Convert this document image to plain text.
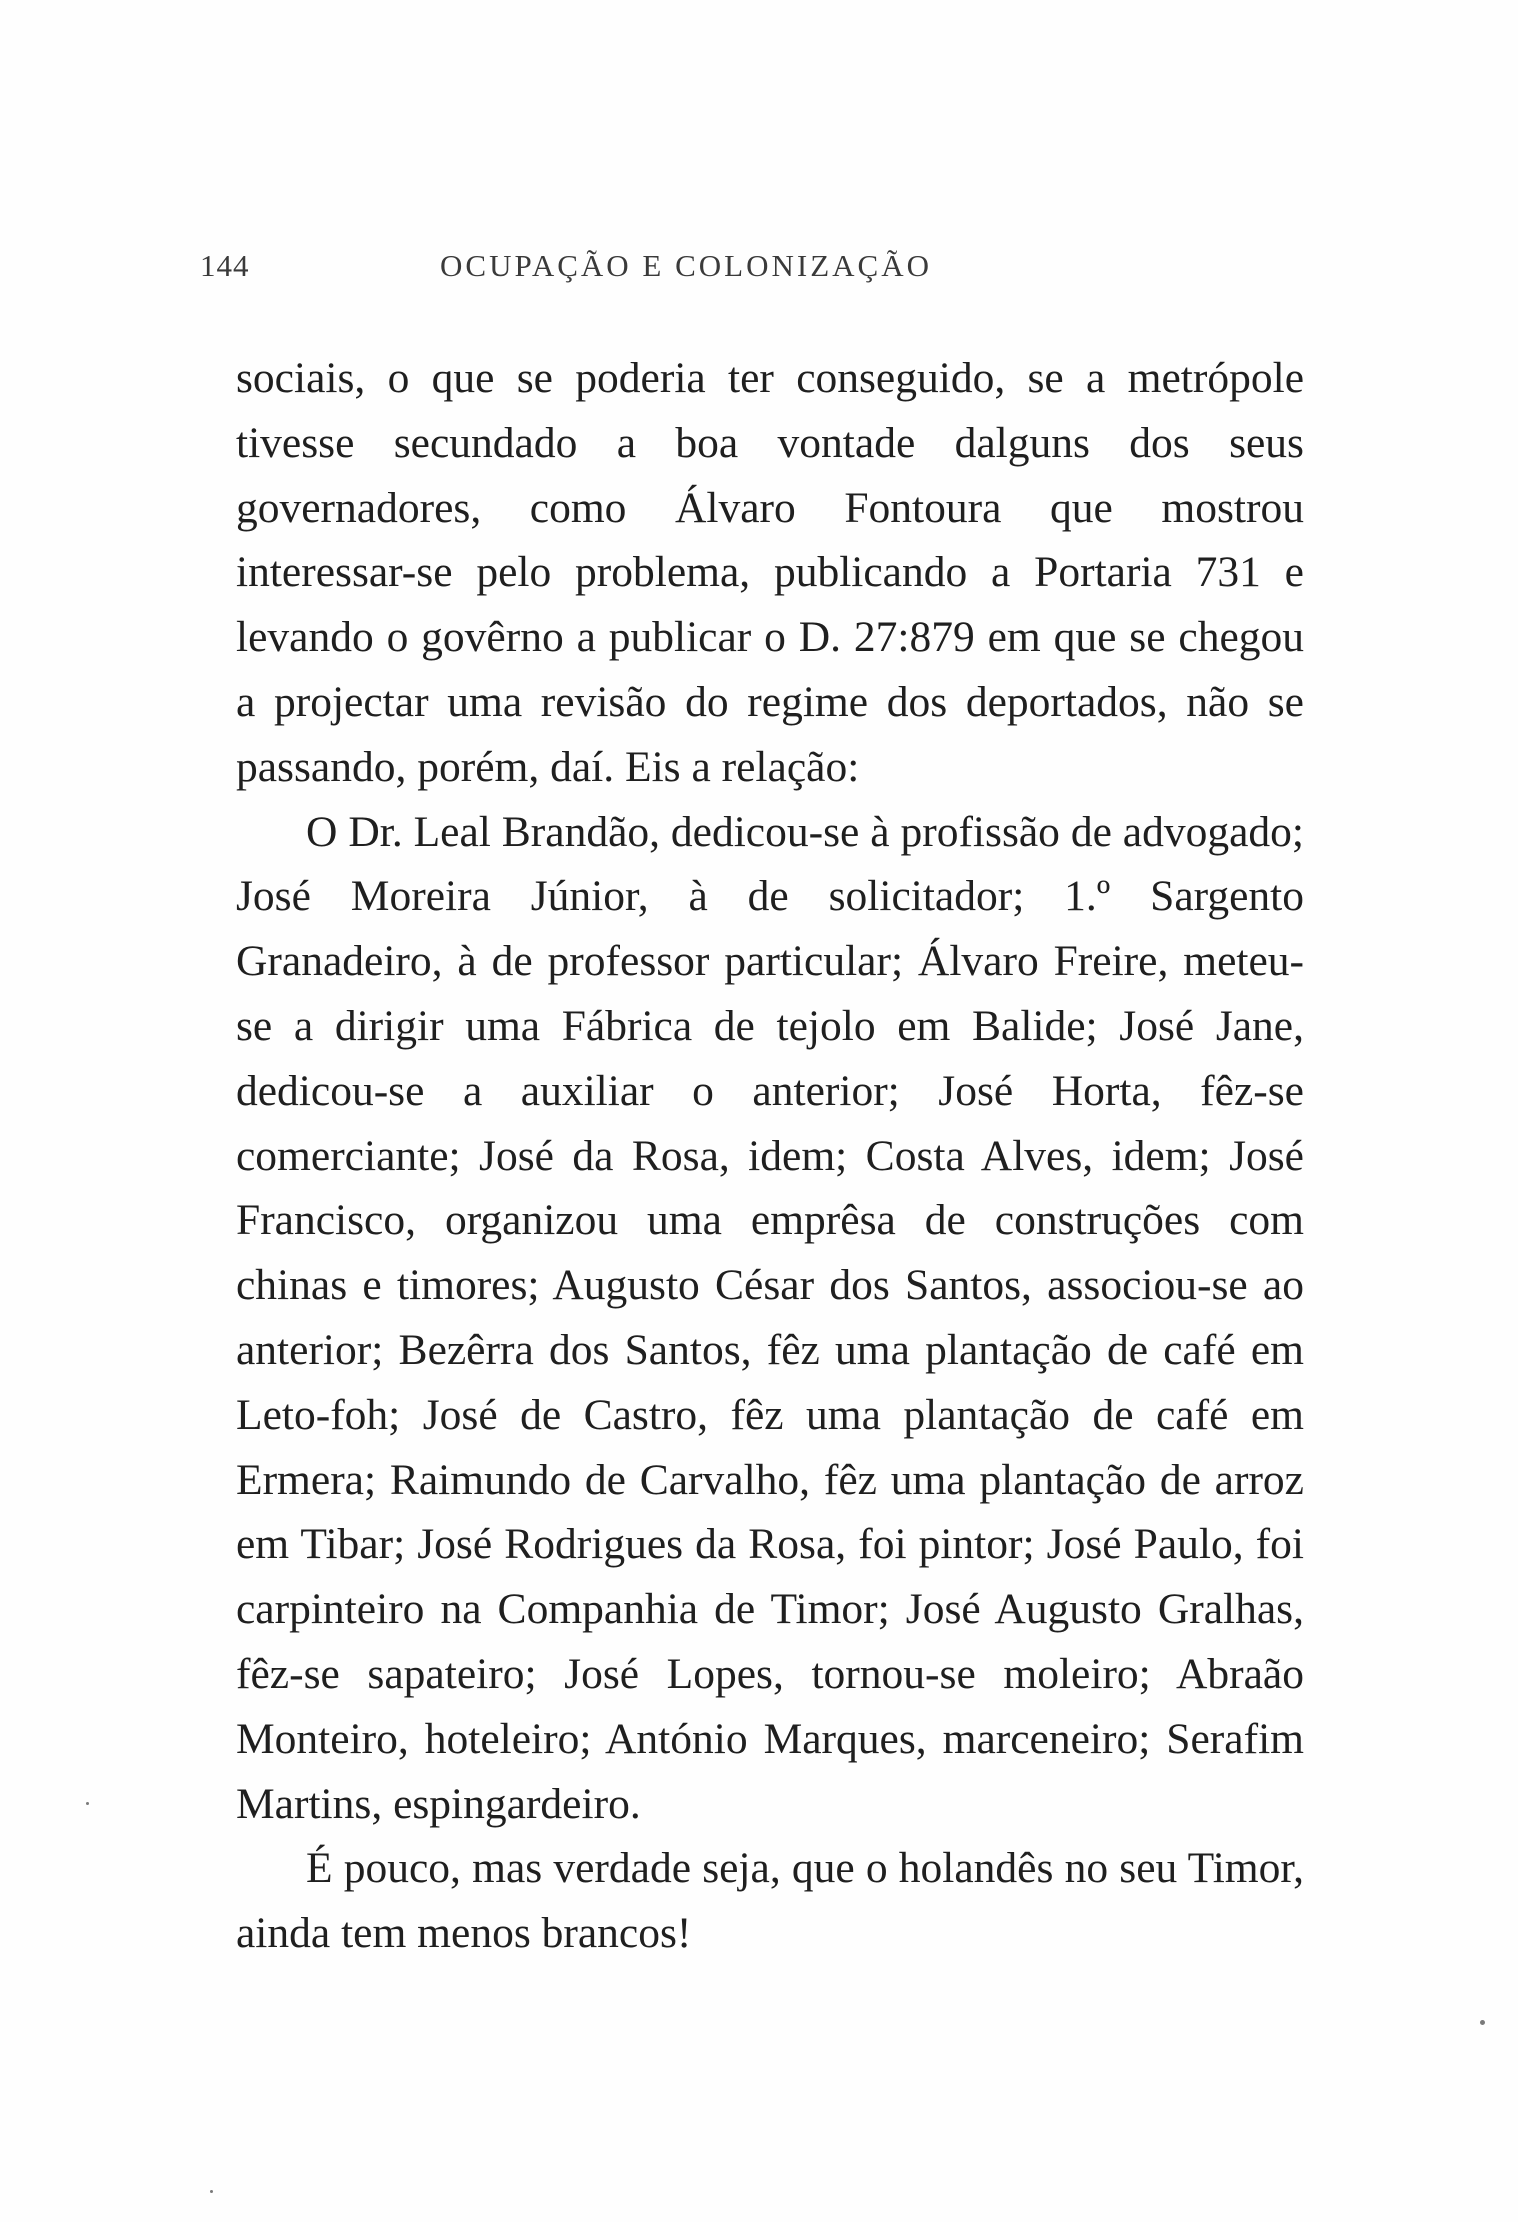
144	OCUPAÇÃO E COLONIZAÇÃO

sociais, o que se poderia ter conseguido, se a metrópole tivesse secundado a boa vontade dalguns dos seus governadores, como Álvaro Fontoura que mostrou interessar-se pelo problema, publicando a Portaria 731 e levando o govêrno a publicar o D. 27:879 em que se chegou a projectar uma revisão do regime dos deportados, não se passando, porém, daí. Eis a relação:

O Dr. Leal Brandão, dedicou-se à profissão de advogado; José Moreira Júnior, à de solicitador; 1.º Sargento Granadeiro, à de professor particular; Álvaro Freire, meteu-se a dirigir uma Fábrica de tejolo em Balide; José Jane, dedicou-se a auxiliar o anterior; José Horta, fêz-se comerciante; José da Rosa, idem; Costa Alves, idem; José Francisco, organizou uma emprêsa de construções com chinas e timores; Augusto César dos Santos, associou-se ao anterior; Bezêrra dos Santos, fêz uma plantação de café em Leto-foh; José de Castro, fêz uma plantação de café em Ermera; Raimundo de Carvalho, fêz uma plantação de arroz em Tibar; José Rodrigues da Rosa, foi pintor; José Paulo, foi carpinteiro na Companhia de Timor; José Augusto Gralhas, fêz-se sapateiro; José Lopes, tornou-se moleiro; Abraão Monteiro, hoteleiro; António Marques, marceneiro; Serafim Martins, espingardeiro.

É pouco, mas verdade seja, que o holandês no seu Timor, ainda tem menos brancos!
